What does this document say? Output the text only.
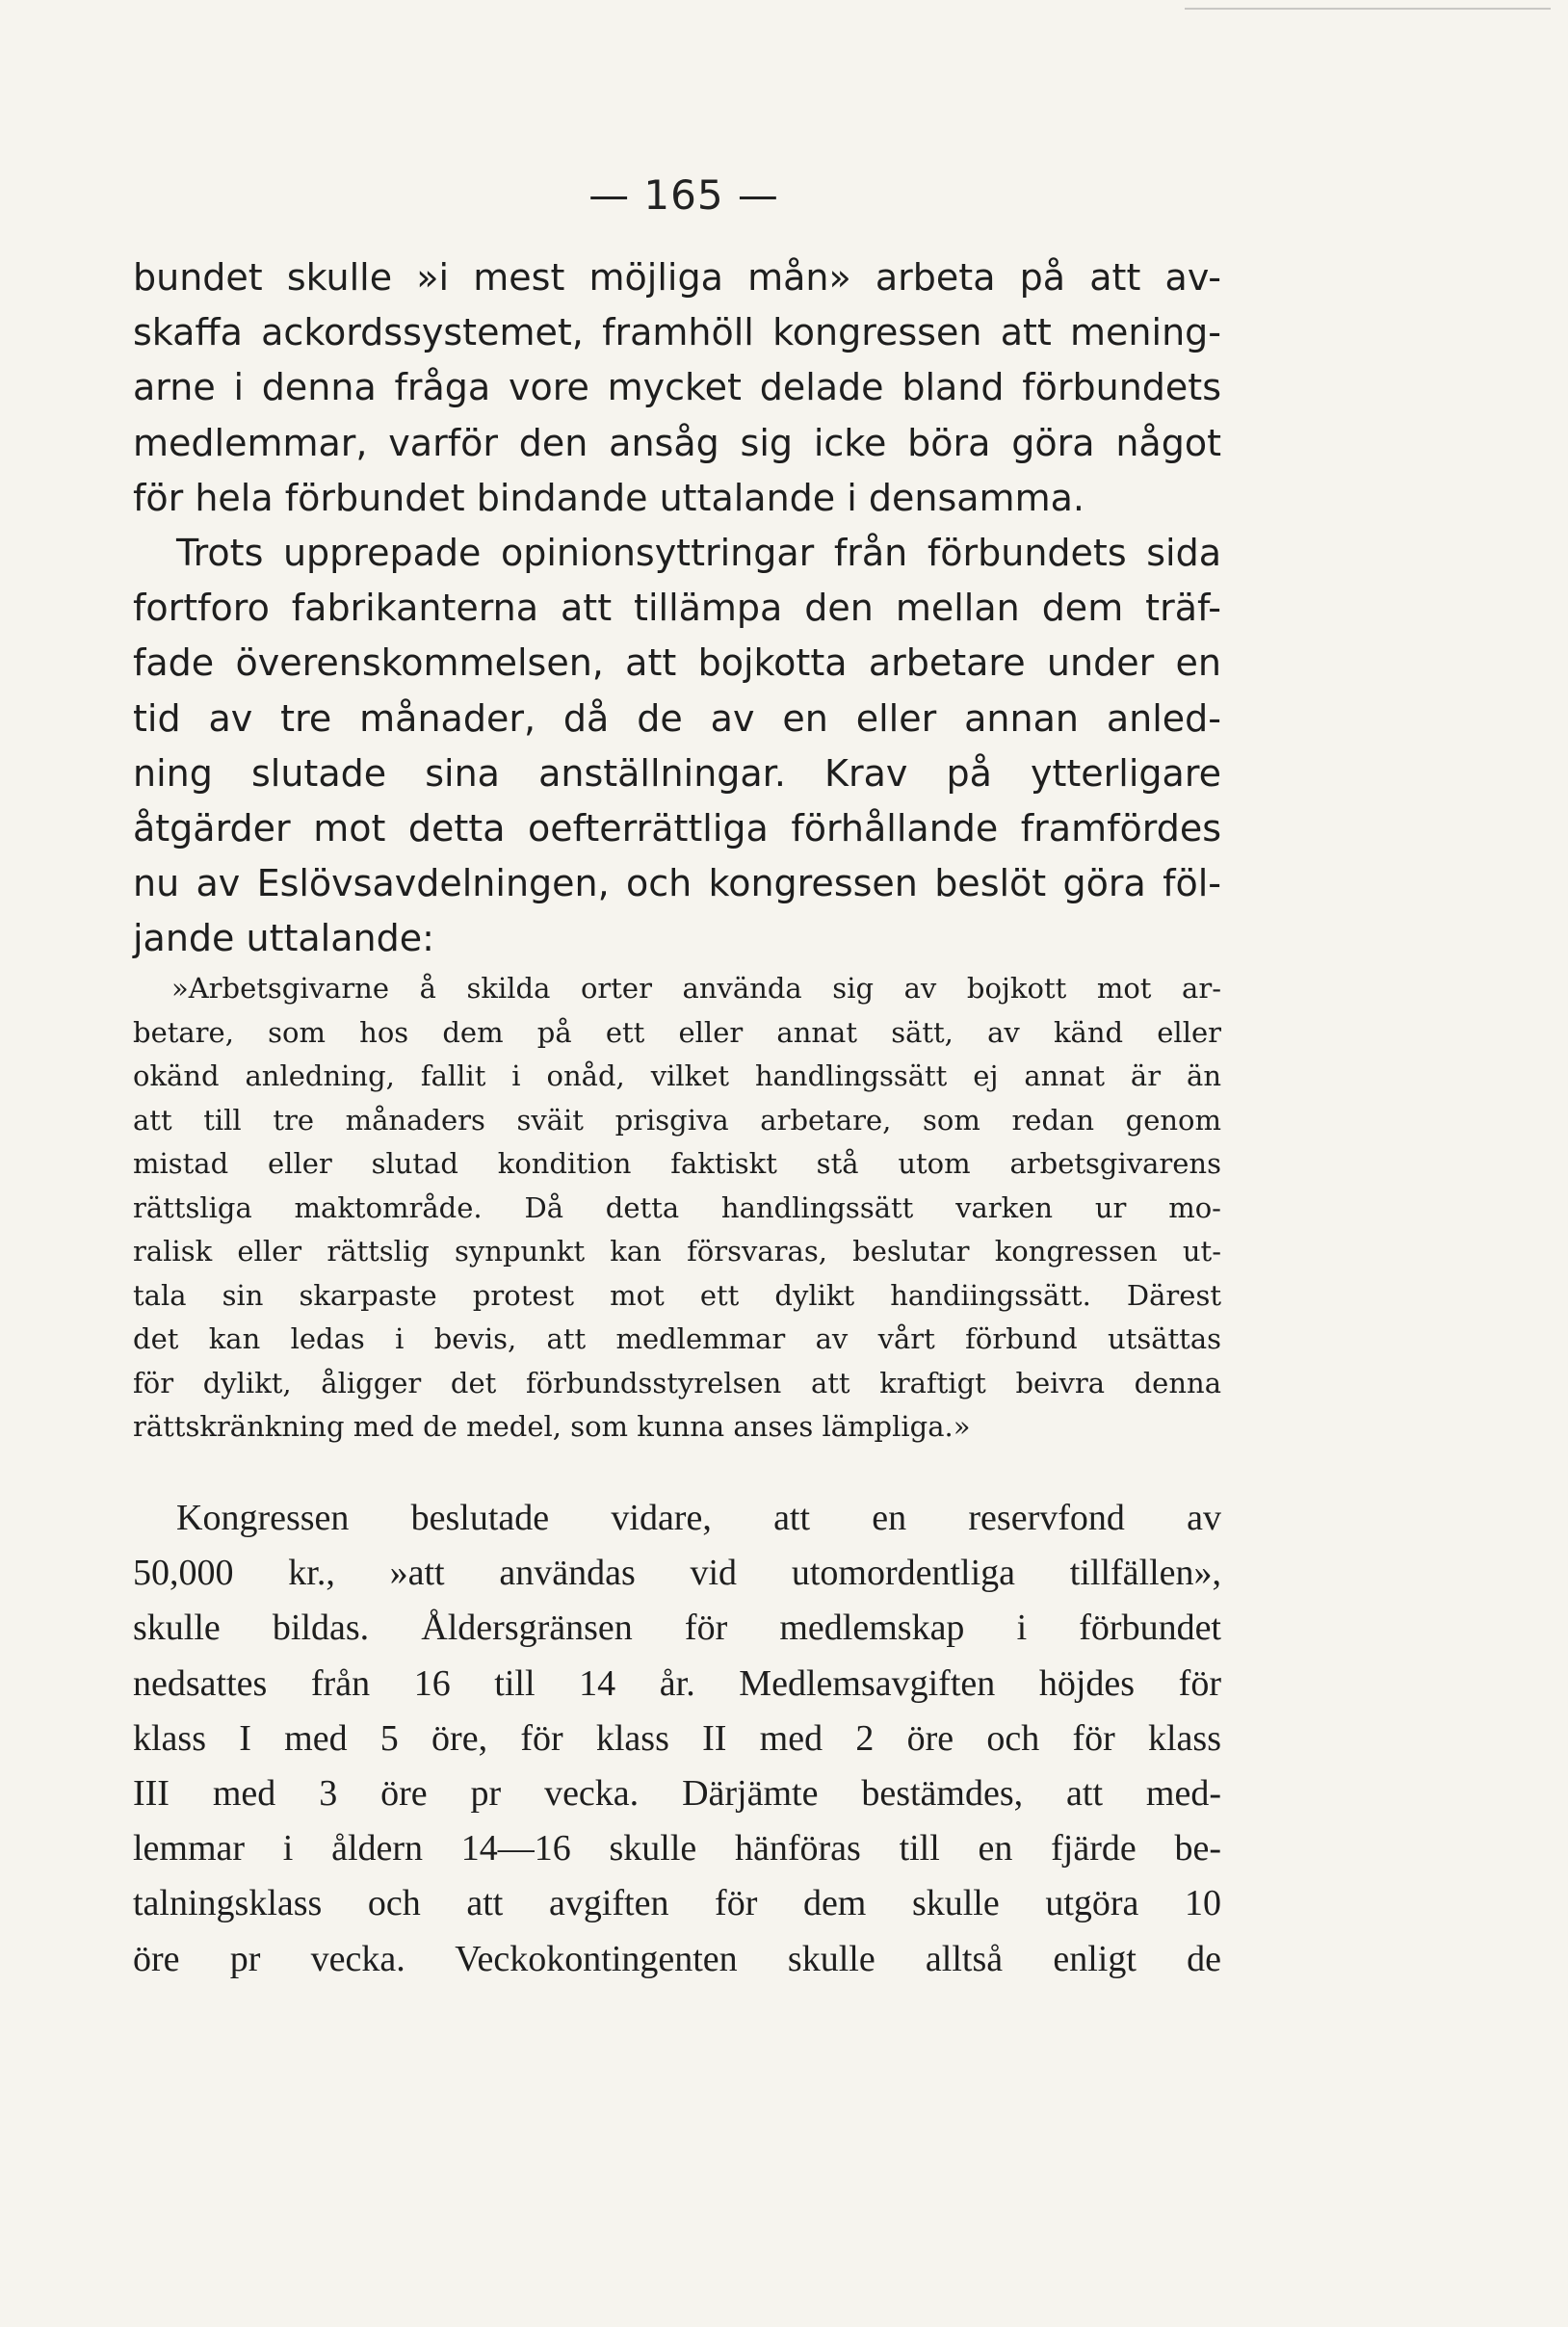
— 165 —
bundet skulle »i mest möjliga mån» arbeta på att av-
skaffa ackordssystemet, framhöll kongressen att mening-
arne i denna fråga vore mycket delade bland förbundets
medlemmar, varför den ansåg sig icke böra göra något
för hela förbundet bindande uttalande i densamma.
Trots upprepade opinionsyttringar från förbundets sida
fortforo fabrikanterna att tillämpa den mellan dem träf-
fade överenskommelsen, att bojkotta arbetare under en
tid av tre månader, då de av en eller annan anled-
ning slutade sina anställningar. Krav på ytterligare
åtgärder mot detta oefterrättliga förhållande framfördes
nu av Eslövsavdelningen, och kongressen beslöt göra föl-
jande uttalande:
»Arbetsgivarne å skilda orter använda sig av bojkott mot ar-
betare, som hos dem på ett eller annat sätt, av känd eller
okänd anledning, fallit i onåd, vilket handlingssätt ej annat är än
att till tre månaders sväit prisgiva arbetare, som redan genom
mistad eller slutad kondition faktiskt stå utom arbetsgivarens
rättsliga maktområde. Då detta handlingssätt varken ur mo-
ralisk eller rättslig synpunkt kan försvaras, beslutar kongressen ut-
tala sin skarpaste protest mot ett dylikt handiingssätt. Därest
det kan ledas i bevis, att medlemmar av vårt förbund utsättas
för dylikt, åligger det förbundsstyrelsen att kraftigt beivra denna
rättskränkning med de medel, som kunna anses lämpliga.»
Kongressen beslutade vidare, att en reservfond av
50,000 kr., »att användas vid utomordentliga tillfällen»,
skulle bildas. Åldersgränsen för medlemskap i förbundet
nedsattes från 16 till 14 år. Medlemsavgiften höjdes för
klass I med 5 öre, för klass II med 2 öre och för klass
III med 3 öre pr vecka. Därjämte bestämdes, att med-
lemmar i åldern 14—16 skulle hänföras till en fjärde be-
talningsklass och att avgiften för dem skulle utgöra 10
öre pr vecka. Veckokontingenten skulle alltså enligt de
